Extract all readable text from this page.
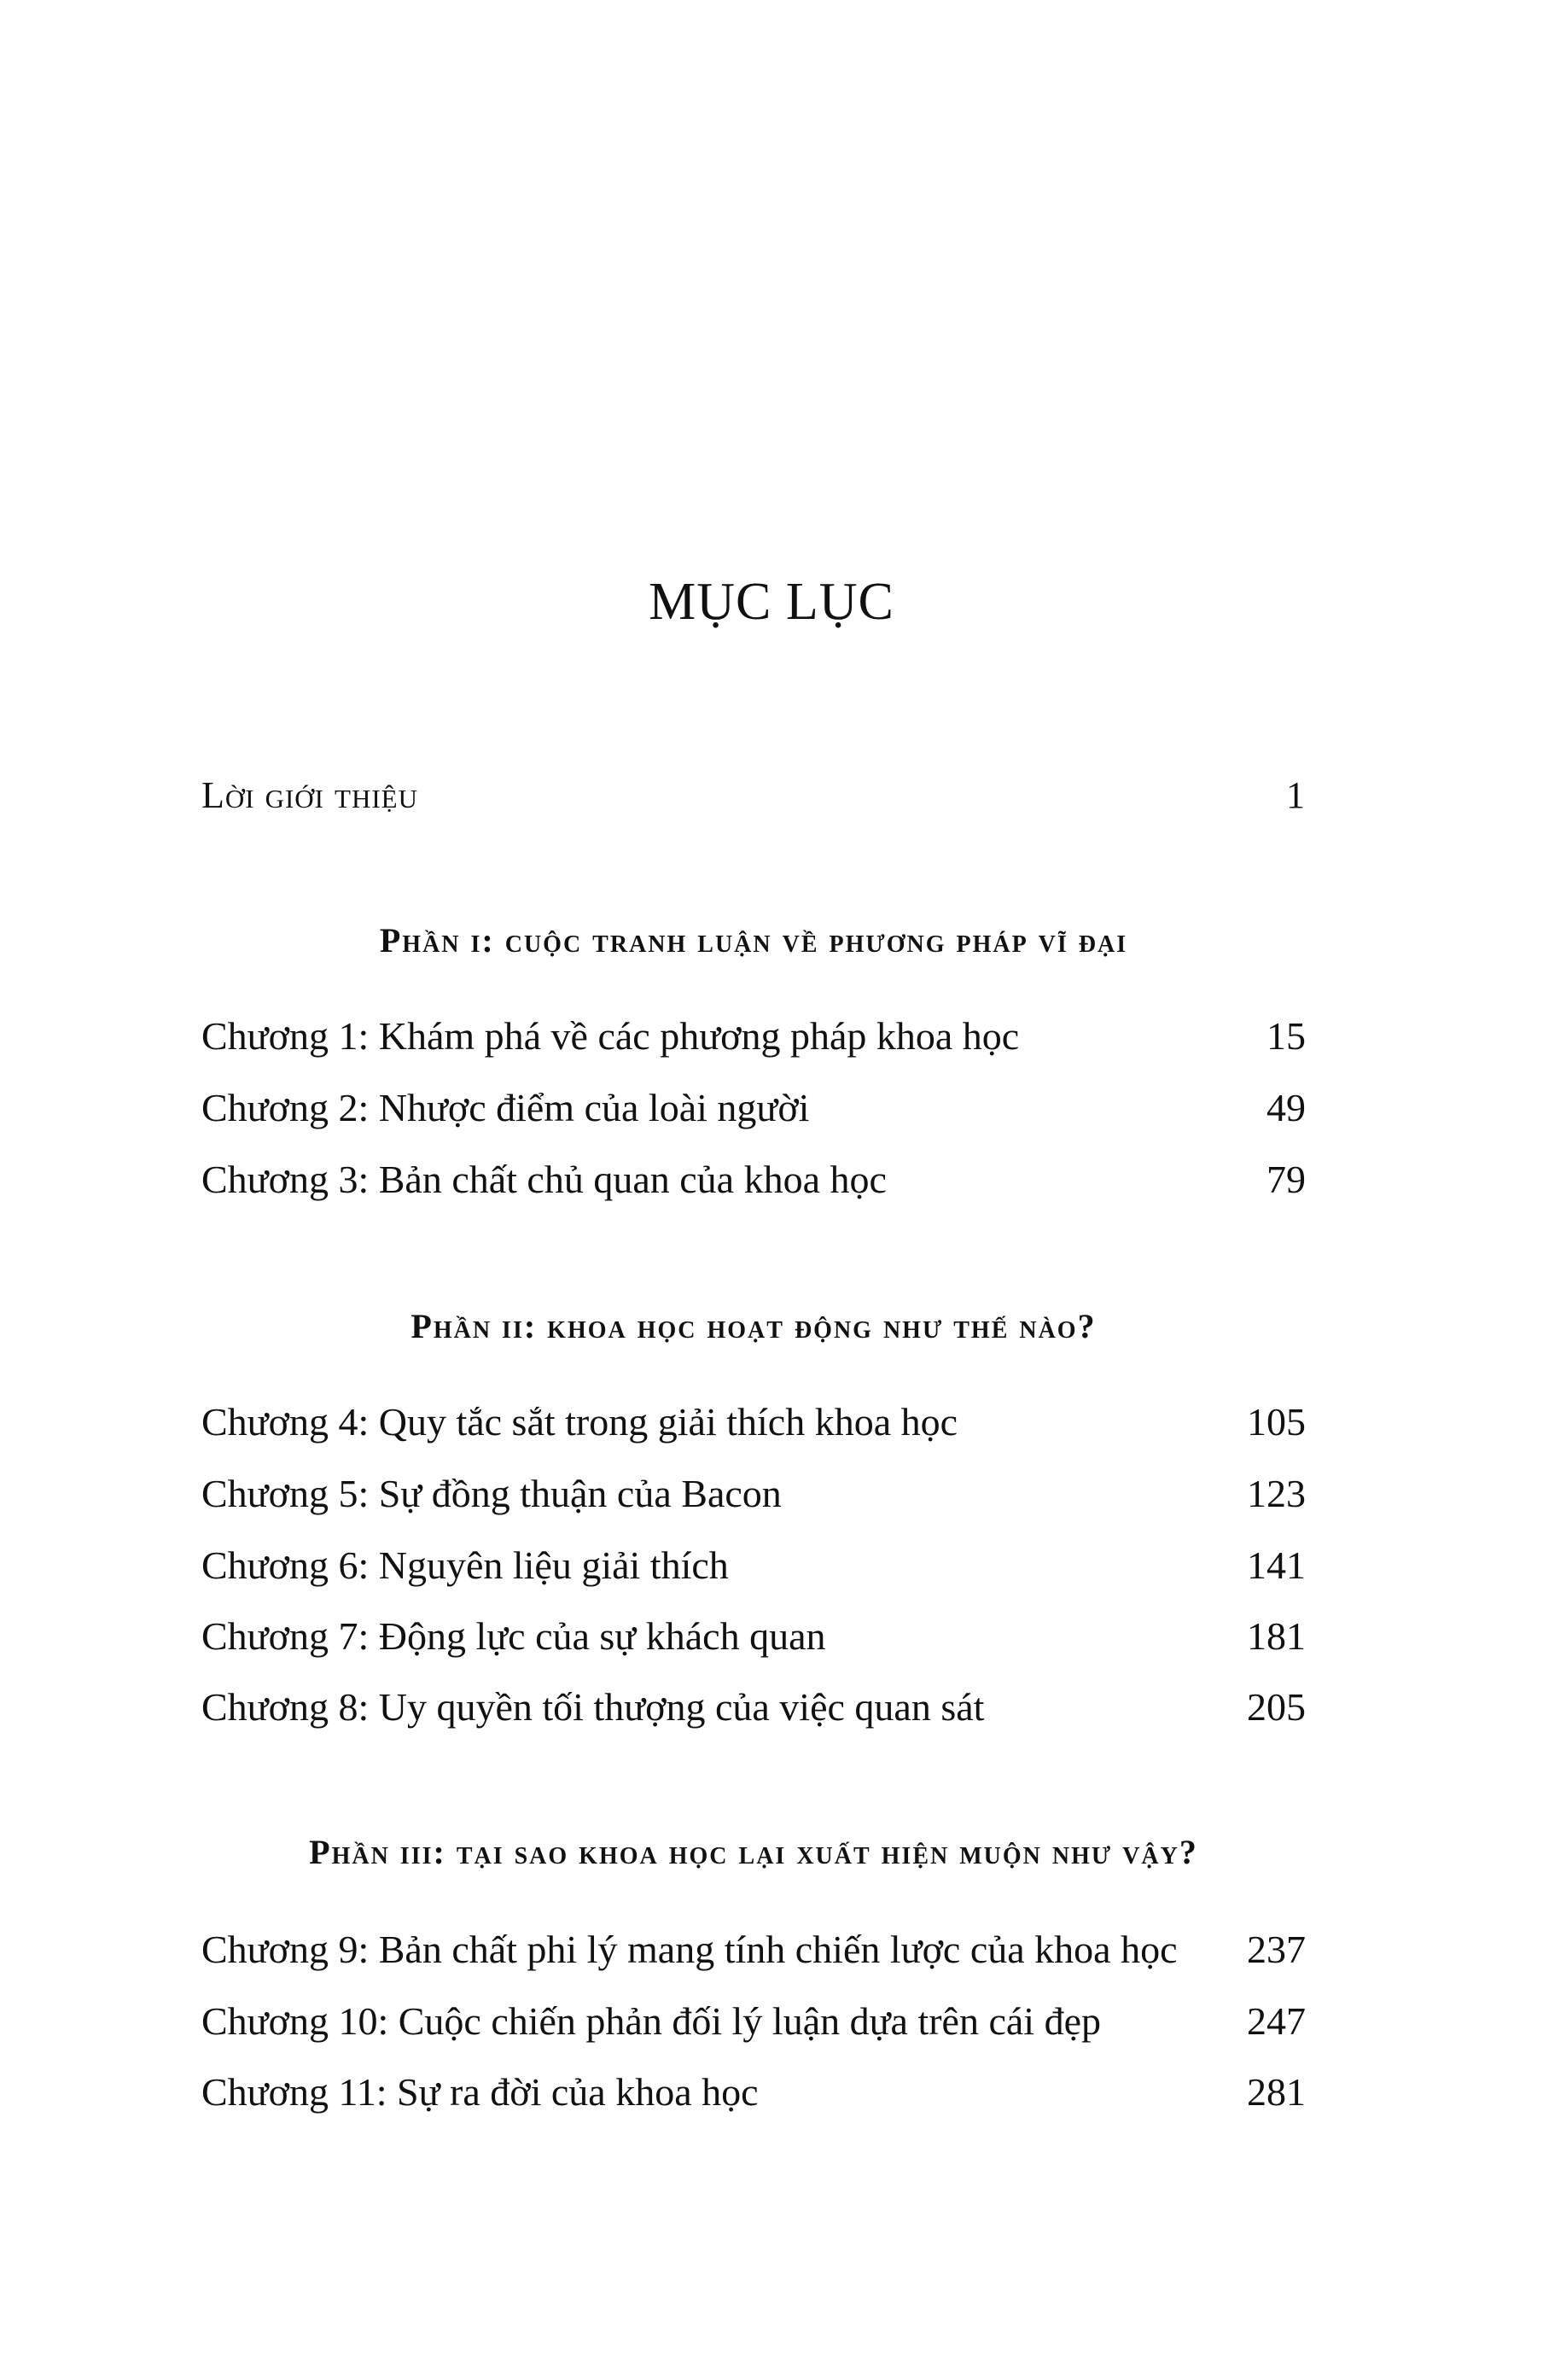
MỤC LỤC
Lời giới thiệu	1
Phần i: cuộc tranh luận về phương pháp vĩ đại
Chương 1: Khám phá về các phương pháp khoa học	15
Chương 2: Nhược điểm của loài người	49
Chương 3: Bản chất chủ quan của khoa học	79
Phần ii: khoa học hoạt động như thế nào?
Chương 4: Quy tắc sắt trong giải thích khoa học	105
Chương 5: Sự đồng thuận của Bacon	123
Chương 6: Nguyên liệu giải thích	141
Chương 7: Động lực của sự khách quan	181
Chương 8: Uy quyền tối thượng của việc quan sát	205
Phần iii: tại sao khoa học lại xuất hiện muộn như vậy?
Chương 9: Bản chất phi lý mang tính chiến lược của khoa học 237
Chương 10: Cuộc chiến phản đối lý luận dựa trên cái đẹp	247
Chương 11: Sự ra đời của khoa học	281
